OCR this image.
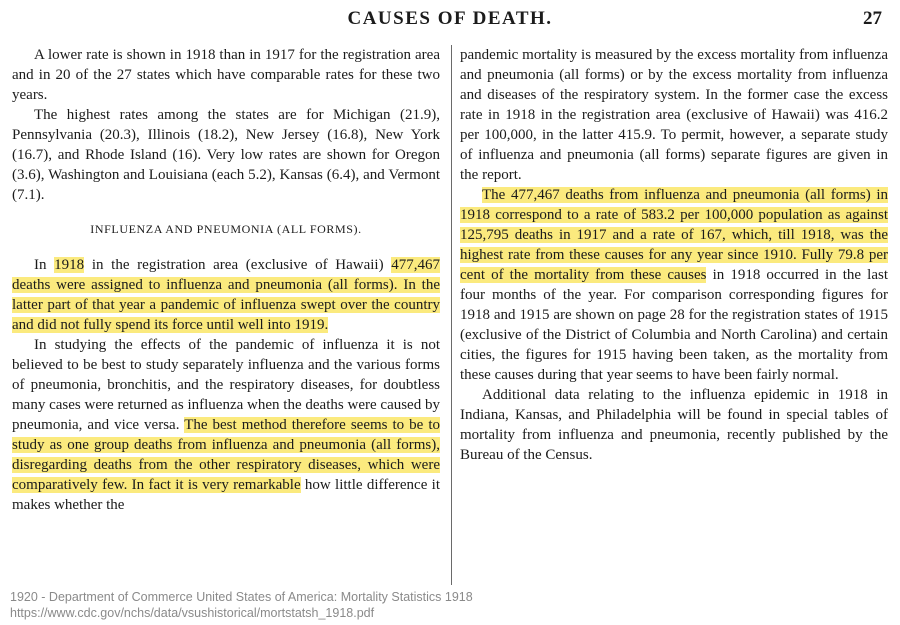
CAUSES OF DEATH.	27

A lower rate is shown in 1918 than in 1917 for the registration area and in 20 of the 27 states which have comparable rates for these two years.

The highest rates among the states are for Michigan (21.9), Pennsylvania (20.3), Illinois (18.2), New Jersey (16.8), New York (16.7), and Rhode Island (16). Very low rates are shown for Oregon (3.6), Washington and Louisiana (each 5.2), Kansas (6.4), and Vermont (7.1).

INFLUENZA AND PNEUMONIA (ALL FORMS).

In 1918 in the registration area (exclusive of Hawaii) 477,467 deaths were assigned to influenza and pneumonia (all forms). In the latter part of that year a pandemic of influenza swept over the country and did not fully spend its force until well into 1919.

In studying the effects of the pandemic of influenza it is not believed to be best to study separately influenza and the various forms of pneumonia, bronchitis, and the respiratory diseases, for doubtless many cases were returned as influenza when the deaths were caused by pneumonia, and vice versa. The best method therefore seems to be to study as one group deaths from influenza and pneumonia (all forms), disregarding deaths from the other respiratory diseases, which were comparatively few. In fact it is very remarkable how little difference it makes whether the

pandemic mortality is measured by the excess mortality from influenza and pneumonia (all forms) or by the excess mortality from influenza and diseases of the respiratory system. In the former case the excess rate in 1918 in the registration area (exclusive of Hawaii) was 416.2 per 100,000, in the latter 415.9. To permit, however, a separate study of influenza and pneumonia (all forms) separate figures are given in the report.

The 477,467 deaths from influenza and pneumonia (all forms) in 1918 correspond to a rate of 583.2 per 100,000 population as against 125,795 deaths in 1917 and a rate of 167, which, till 1918, was the highest rate from these causes for any year since 1910. Fully 79.8 per cent of the mortality from these causes in 1918 occurred in the last four months of the year. For comparison corresponding figures for 1918 and 1915 are shown on page 28 for the registration states of 1915 (exclusive of the District of Columbia and North Carolina) and certain cities, the figures for 1915 having been taken, as the mortality from these causes during that year seems to have been fairly normal.

Additional data relating to the influenza epidemic in 1918 in Indiana, Kansas, and Philadelphia will be found in special tables of mortality from influenza and pneumonia, recently published by the Bureau of the Census.

1920 - Department of Commerce United States of America: Mortality Statistics 1918
https://www.cdc.gov/nchs/data/vsushistorical/mortstatsh_1918.pdf
